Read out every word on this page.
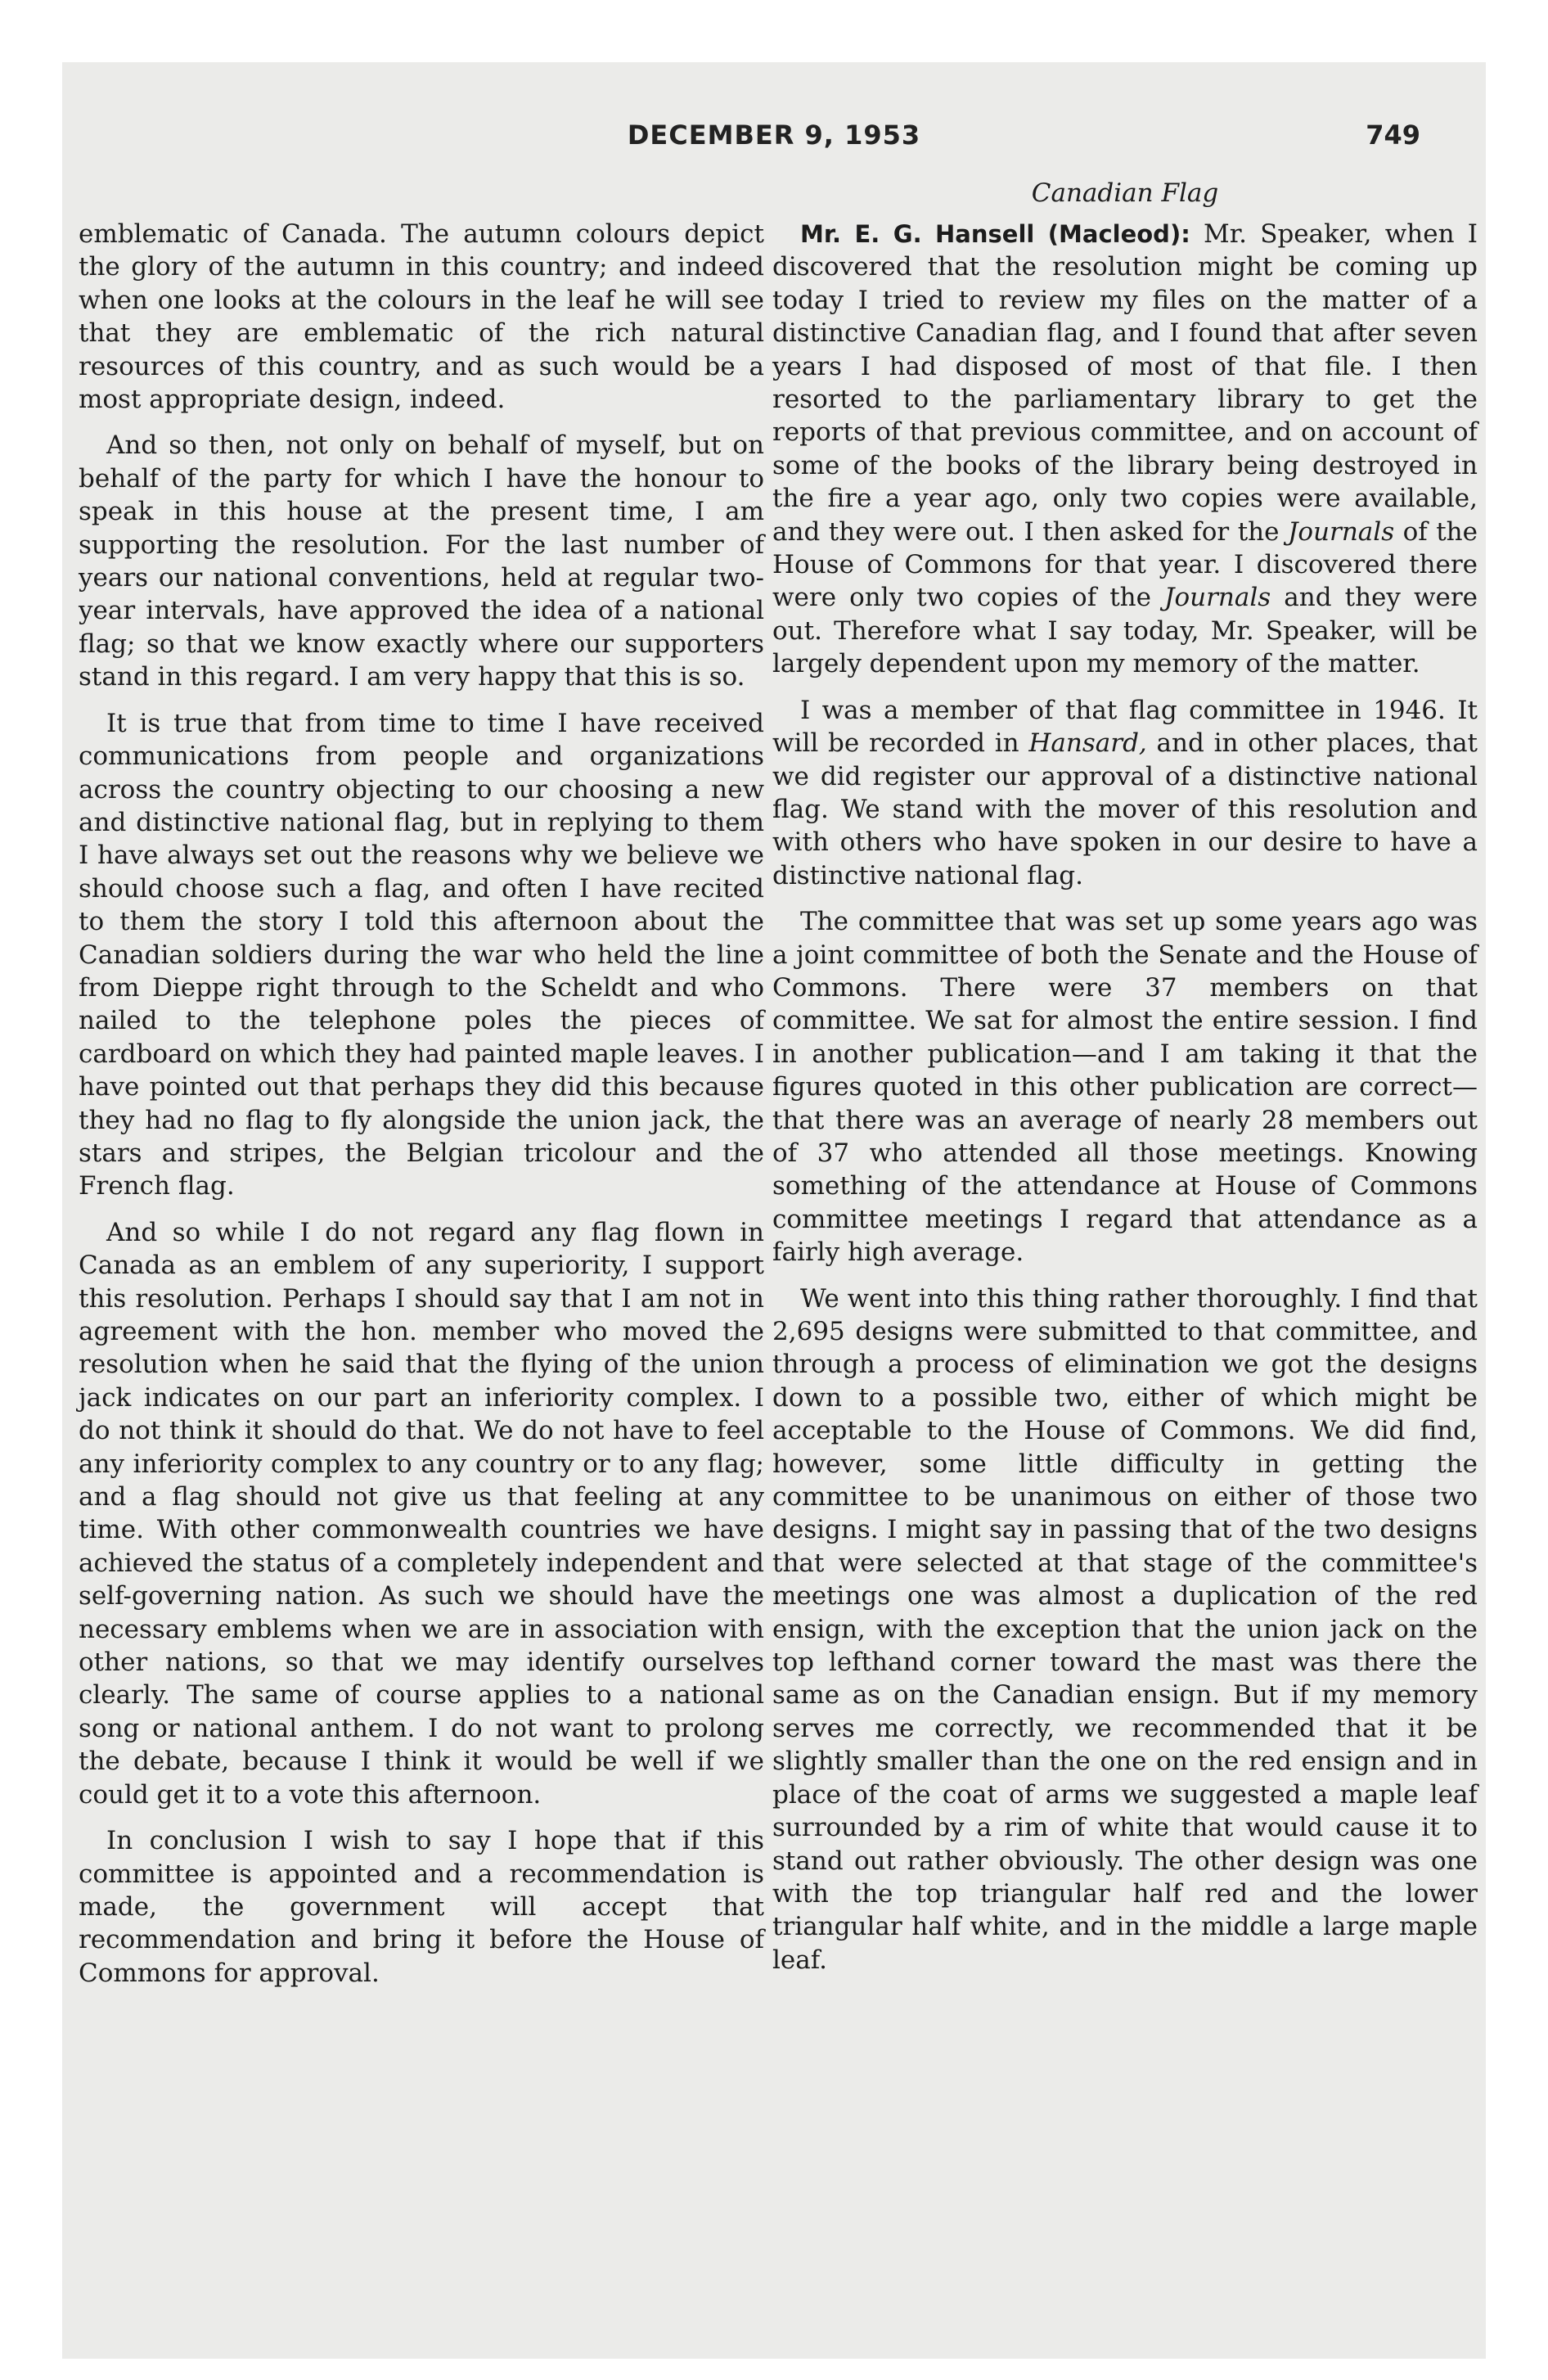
DECEMBER 9, 1953	749

emblematic of Canada. The autumn colours depict the glory of the autumn in this country; and indeed when one looks at the colours in the leaf he will see that they are emblematic of the rich natural resources of this country, and as such would be a most appropriate design, indeed.

And so then, not only on behalf of myself, but on behalf of the party for which I have the honour to speak in this house at the present time, I am supporting the resolution. For the last number of years our national conventions, held at regular two-year intervals, have approved the idea of a national flag; so that we know exactly where our supporters stand in this regard. I am very happy that this is so.

It is true that from time to time I have received communications from people and organizations across the country objecting to our choosing a new and distinctive national flag, but in replying to them I have always set out the reasons why we believe we should choose such a flag, and often I have recited to them the story I told this afternoon about the Canadian soldiers during the war who held the line from Dieppe right through to the Scheldt and who nailed to the telephone poles the pieces of cardboard on which they had painted maple leaves. I have pointed out that perhaps they did this because they had no flag to fly alongside the union jack, the stars and stripes, the Belgian tricolour and the French flag.

And so while I do not regard any flag flown in Canada as an emblem of any superiority, I support this resolution. Perhaps I should say that I am not in agreement with the hon. member who moved the resolution when he said that the flying of the union jack indicates on our part an inferiority complex. I do not think it should do that. We do not have to feel any inferiority complex to any country or to any flag; and a flag should not give us that feeling at any time. With other commonwealth countries we have achieved the status of a completely independent and self-governing nation. As such we should have the necessary emblems when we are in association with other nations, so that we may identify ourselves clearly. The same of course applies to a national song or national anthem. I do not want to prolong the debate, because I think it would be well if we could get it to a vote this afternoon.

In conclusion I wish to say I hope that if this committee is appointed and a recommendation is made, the government will accept that recommendation and bring it before the House of Commons for approval.

Canadian Flag

Mr. E. G. Hansell (Macleod): Mr. Speaker, when I discovered that the resolution might be coming up today I tried to review my files on the matter of a distinctive Canadian flag, and I found that after seven years I had disposed of most of that file. I then resorted to the parliamentary library to get the reports of that previous committee, and on account of some of the books of the library being destroyed in the fire a year ago, only two copies were available, and they were out. I then asked for the Journals of the House of Commons for that year. I discovered there were only two copies of the Journals and they were out. Therefore what I say today, Mr. Speaker, will be largely dependent upon my memory of the matter.

I was a member of that flag committee in 1946. It will be recorded in Hansard, and in other places, that we did register our approval of a distinctive national flag. We stand with the mover of this resolution and with others who have spoken in our desire to have a distinctive national flag.

The committee that was set up some years ago was a joint committee of both the Senate and the House of Commons. There were 37 members on that committee. We sat for almost the entire session. I find in another publication—and I am taking it that the figures quoted in this other publication are correct—that there was an average of nearly 28 members out of 37 who attended all those meetings. Knowing something of the attendance at House of Commons committee meetings I regard that attendance as a fairly high average.

We went into this thing rather thoroughly. I find that 2,695 designs were submitted to that committee, and through a process of elimination we got the designs down to a possible two, either of which might be acceptable to the House of Commons. We did find, however, some little difficulty in getting the committee to be unanimous on either of those two designs. I might say in passing that of the two designs that were selected at that stage of the committee's meetings one was almost a duplication of the red ensign, with the exception that the union jack on the top lefthand corner toward the mast was there the same as on the Canadian ensign. But if my memory serves me correctly, we recommended that it be slightly smaller than the one on the red ensign and in place of the coat of arms we suggested a maple leaf surrounded by a rim of white that would cause it to stand out rather obviously. The other design was one with the top triangular half red and the lower triangular half white, and in the middle a large maple leaf.
